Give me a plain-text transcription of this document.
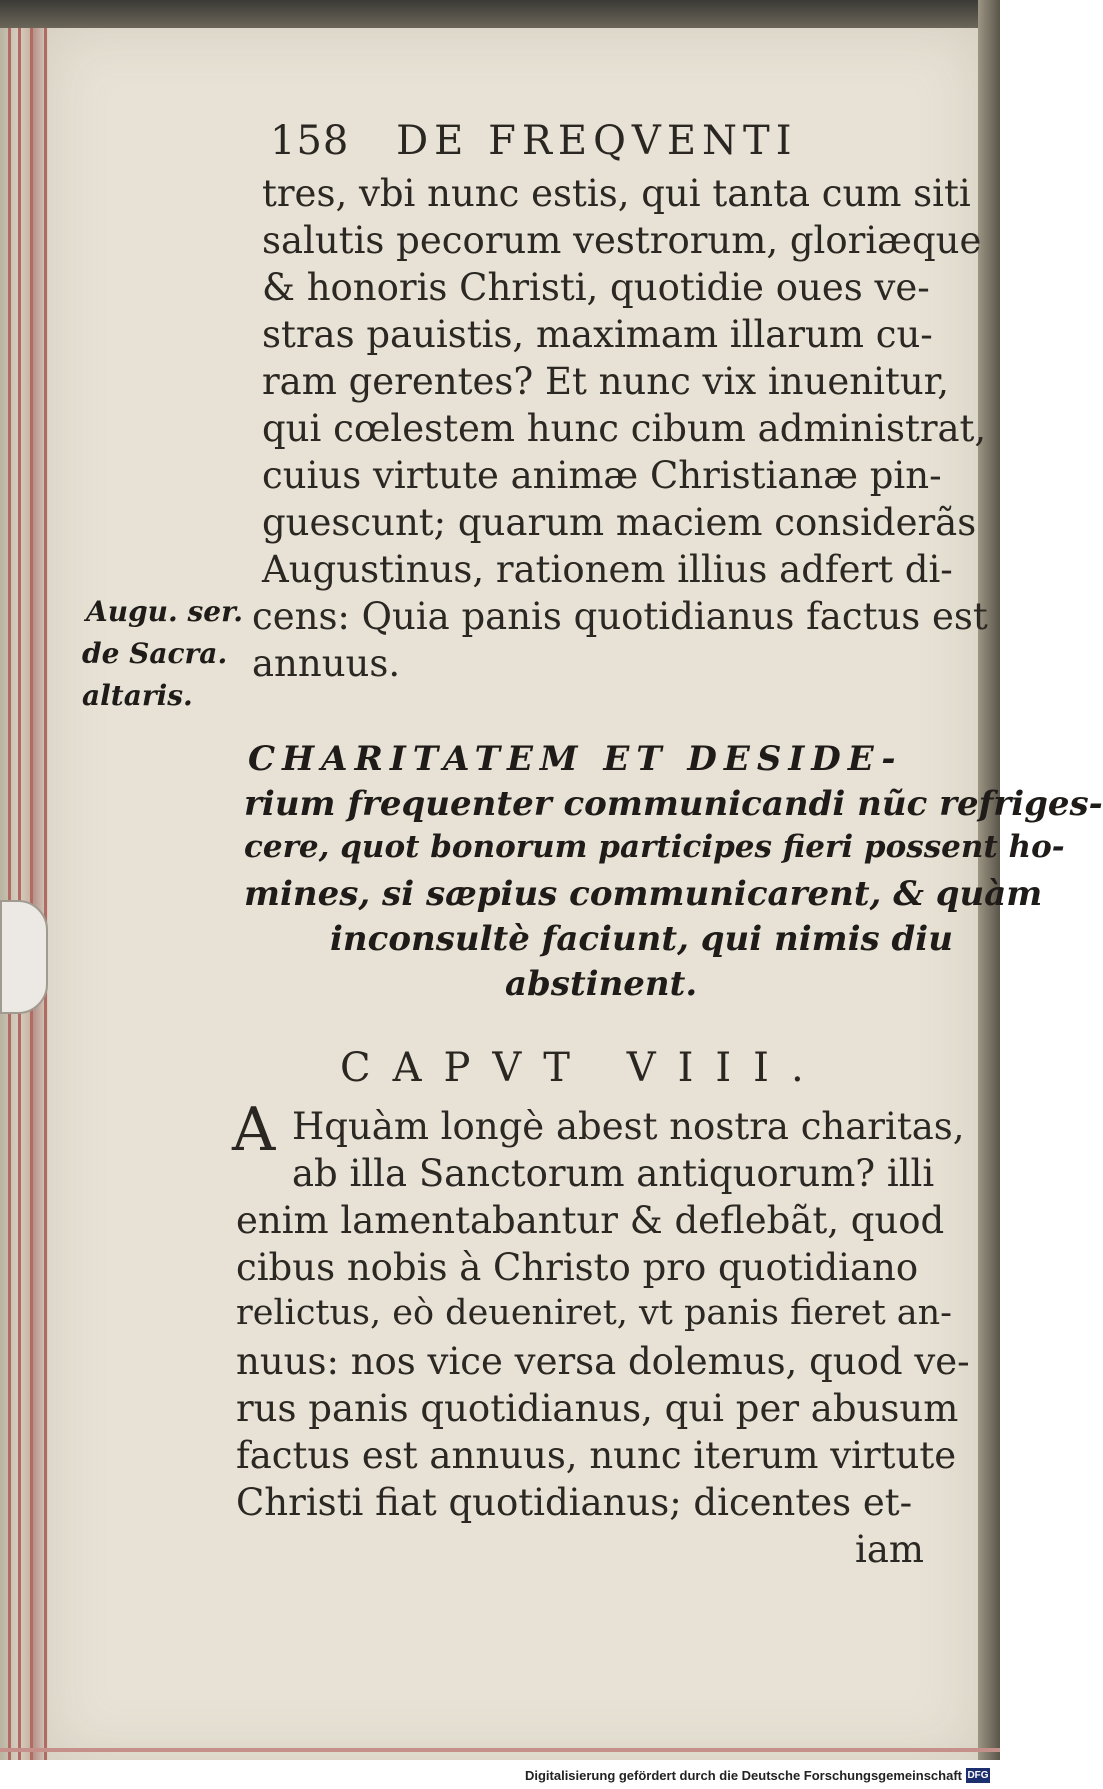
158 DE FREQVENTI
tres, vbi nunc estis, qui tanta cum siti
salutis pecorum vestrorum, gloriæque
& honoris Christi, quotidie oues ve-
stras pauistis, maximam illarum cu-
ram gerentes? Et nunc vix inuenitur,
qui cœlestem hunc cibum administrat,
cuius virtute animæ Christianæ pin-
guescunt; quarum maciem considerãs
Augustinus, rationem illius adfert di-
cens: Quia panis quotidianus factus est
annuus.
Augu. ser.
de Sacra.
altaris.
CHARITATEM ET DESIDE-
rium frequenter communicandi nũc refriges-
cere, quot bonorum participes fieri possent ho-
mines, si sæpius communicarent, & quàm
inconsultè faciunt, qui nimis diu
abstinent.
CAPVT VIII.
A Hquàm longè abest nostra charitas,
ab illa Sanctorum antiquorum? illi
enim lamentabantur & deflebãt, quod
cibus nobis à Christo pro quotidiano
relictus, eò deueniret, vt panis fieret an-
nuus: nos vice versa dolemus, quod ve-
rus panis quotidianus, qui per abusum
factus est annuus, nunc iterum virtute
Christi fiat quotidianus; dicentes et-
iam
Digitalisierung gefördert durch die Deutsche Forschungsgemeinschaft DFG
